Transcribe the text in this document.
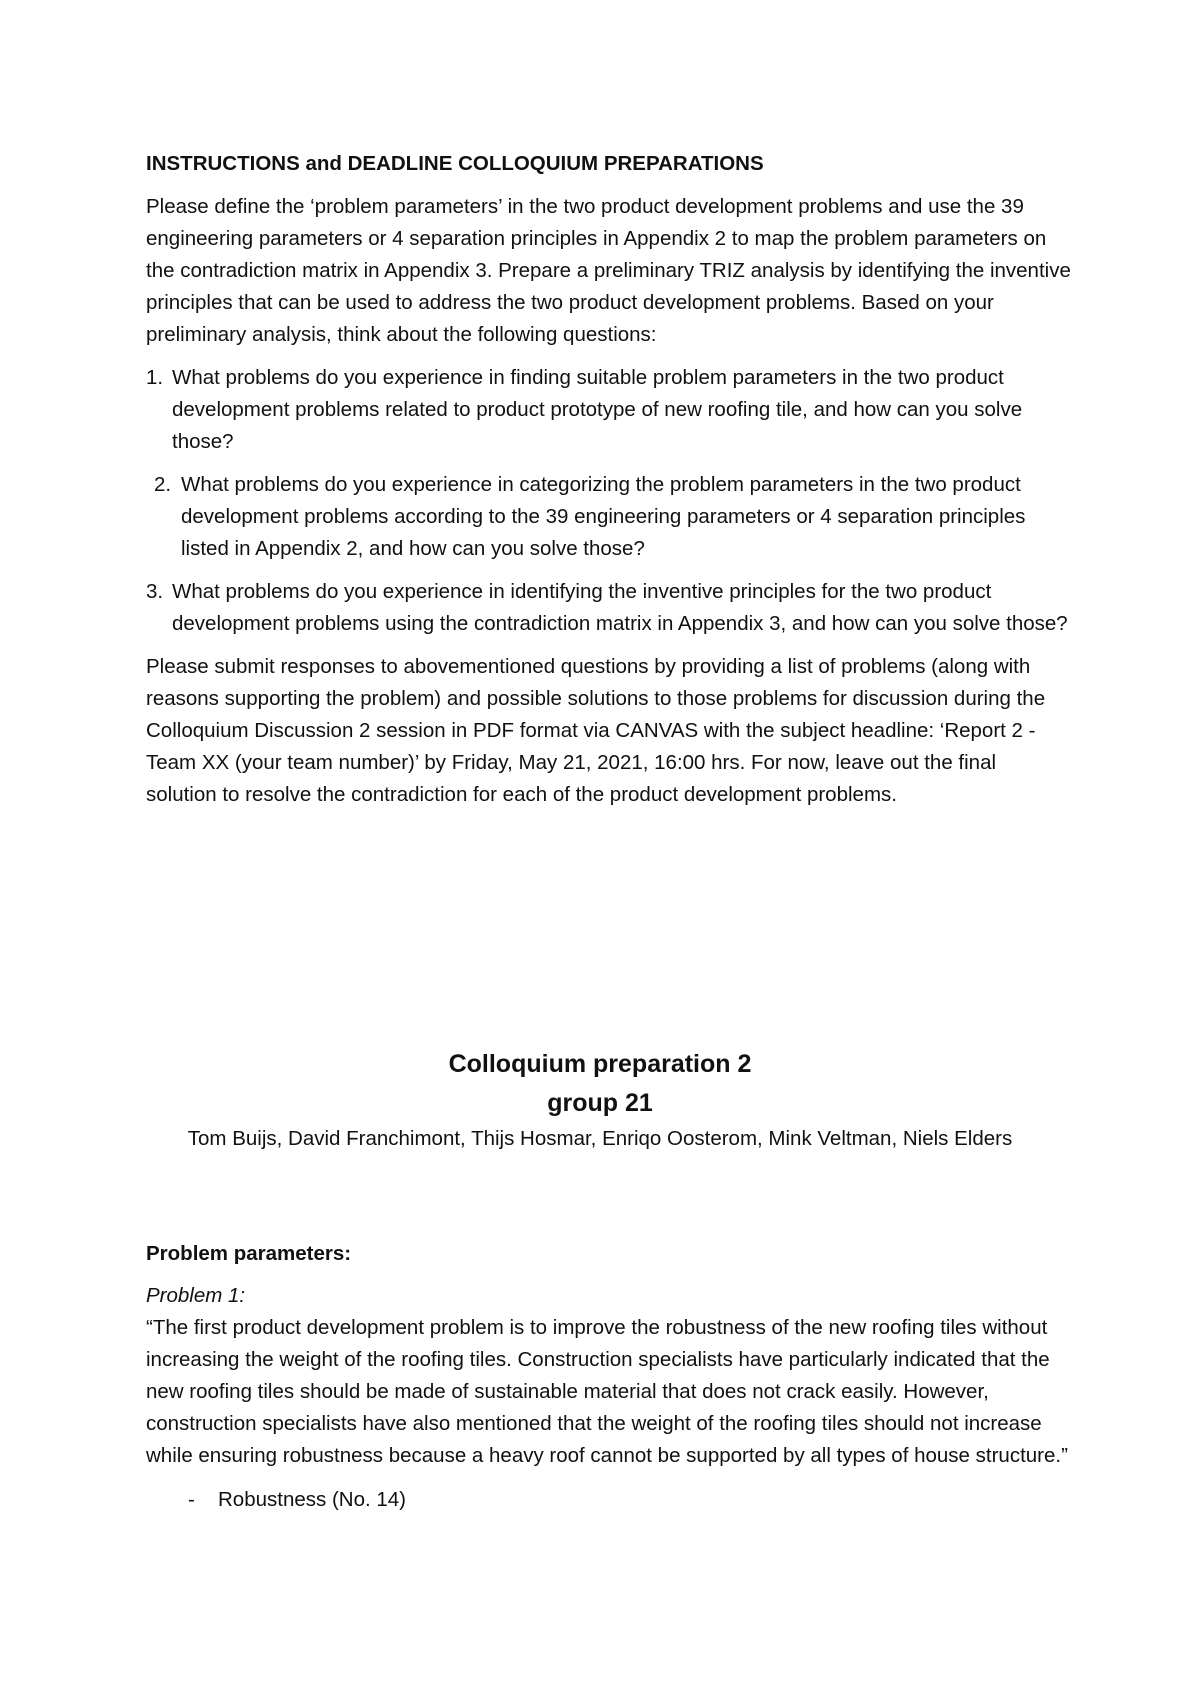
INSTRUCTIONS and DEADLINE COLLOQUIUM PREPARATIONS

Please define the ‘problem parameters’ in the two product development problems and use the 39 engineering parameters or 4 separation principles in Appendix 2 to map the problem parameters on the contradiction matrix in Appendix 3. Prepare a preliminary TRIZ analysis by identifying the inventive principles that can be used to address the two product development problems. Based on your preliminary analysis, think about the following questions:

1. What problems do you experience in finding suitable problem parameters in the two product development problems related to product prototype of new roofing tile, and how can you solve those?
2. What problems do you experience in categorizing the problem parameters in the two product development problems according to the 39 engineering parameters or 4 separation principles listed in Appendix 2, and how can you solve those?
3. What problems do you experience in identifying the inventive principles for the two product development problems using the contradiction matrix in Appendix 3, and how can you solve those?

Please submit responses to abovementioned questions by providing a list of problems (along with reasons supporting the problem) and possible solutions to those problems for discussion during the Colloquium Discussion 2 session in PDF format via CANVAS with the subject headline: ‘Report 2 - Team XX (your team number)’ by Friday, May 21, 2021, 16:00 hrs. For now, leave out the final solution to resolve the contradiction for each of the product development problems.

Colloquium preparation 2

group 21

Tom Buijs, David Franchimont, Thijs Hosmar, Enriqo Oosterom, Mink Veltman, Niels Elders

Problem parameters:

Problem 1:

“The first product development problem is to improve the robustness of the new roofing tiles without increasing the weight of the roofing tiles. Construction specialists have particularly indicated that the new roofing tiles should be made of sustainable material that does not crack easily. However, construction specialists have also mentioned that the weight of the roofing tiles should not increase while ensuring robustness because a heavy roof cannot be supported by all types of house structure.”

-	Robustness (No. 14)
